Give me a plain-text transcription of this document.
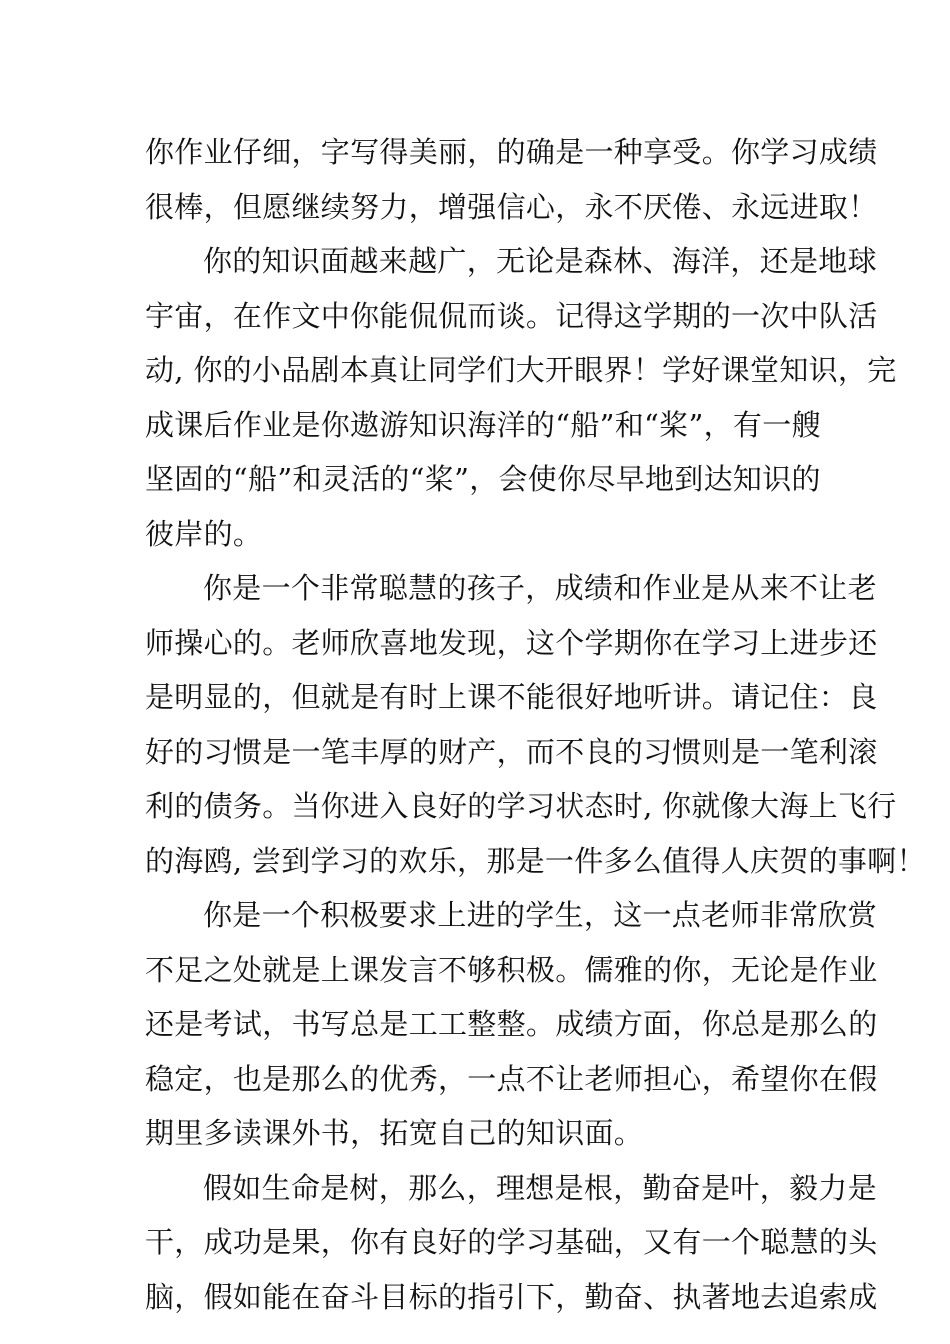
你作业仔细，字写得美丽，的确是一种享受。你学习成绩
很棒，但愿继续努力，增强信心，永不厌倦、永远进取！
你的知识面越来越广，无论是森林、海洋，还是地球
宇宙，在作文中你能侃侃而谈。记得这学期的一次中队活
动, 你的小品剧本真让同学们大开眼界！学好课堂知识，完
成课后作业是你遨游知识海洋的“船”和“桨”，有一艘
坚固的“船”和灵活的“桨”，会使你尽早地到达知识的
彼岸的。
你是一个非常聪慧的孩子，成绩和作业是从来不让老
师操心的。老师欣喜地发现，这个学期你在学习上进步还
是明显的，但就是有时上课不能很好地听讲。请记住：良
好的习惯是一笔丰厚的财产，而不良的习惯则是一笔利滚
利的债务。当你进入良好的学习状态时, 你就像大海上飞行
的海鸥, 尝到学习的欢乐，那是一件多么值得人庆贺的事啊！
你是一个积极要求上进的学生，这一点老师非常欣赏
不足之处就是上课发言不够积极。儒雅的你，无论是作业
还是考试，书写总是工工整整。成绩方面，你总是那么的
稳定，也是那么的优秀，一点不让老师担心，希望你在假
期里多读课外书，拓宽自己的知识面。
假如生命是树，那么，理想是根，勤奋是叶，毅力是
干，成功是果，你有良好的学习基础，又有一个聪慧的头
脑，假如能在奋斗目标的指引下，勤奋、执著地去追索成
